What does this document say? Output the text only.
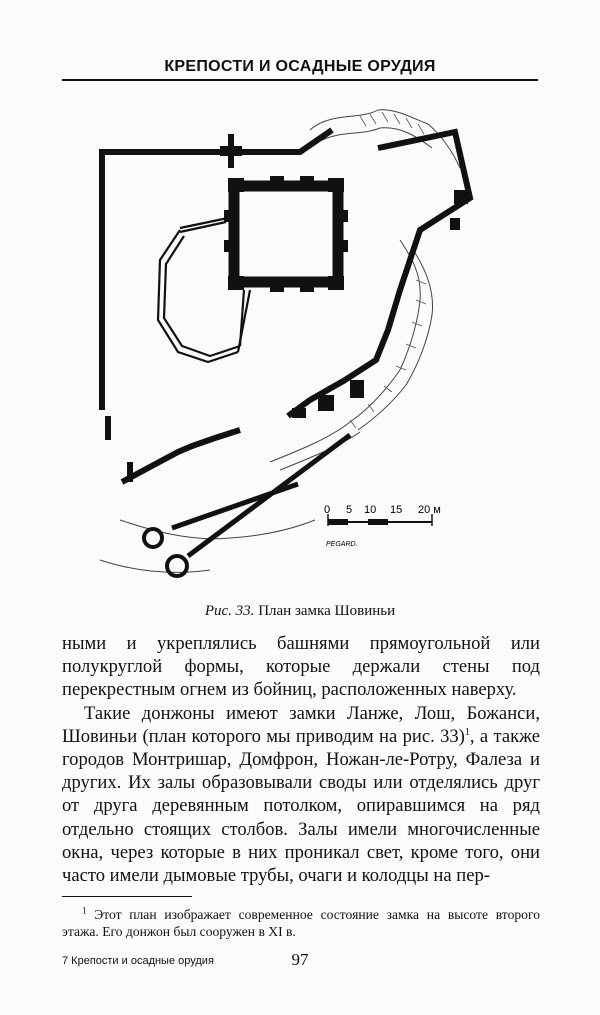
КРЕПОСТИ И ОСАДНЫЕ ОРУДИЯ
0 5 10 15 20 м
PEGARD.
Рис. 33. План замка Шовиньи

ными и укреплялись башнями прямоугольной или полукруглой формы, которые держали стены под перекрестным огнем из бойниц, расположенных наверху.

Такие донжоны имеют замки Ланже, Лош, Божанси, Шовиньи (план которого мы приводим на рис. 33)$^1$, а также городов Монтришар, Домфрон, Ножан-ле-Ротру, Фалеза и других. Их залы образовывали своды или отделялись друг от друга деревянным потолком, опиравшимся на ряд отдельно стоящих столбов. Залы имели многочисленные окна, через которые в них проникал свет, кроме того, они часто имели дымовые трубы, очаги и колодцы на пер-

$^1$ Этот план изображает современное состояние замка на высоте второго этажа. Его донжон был сооружен в XI в.
7 Крепости и осадные орудия	97
